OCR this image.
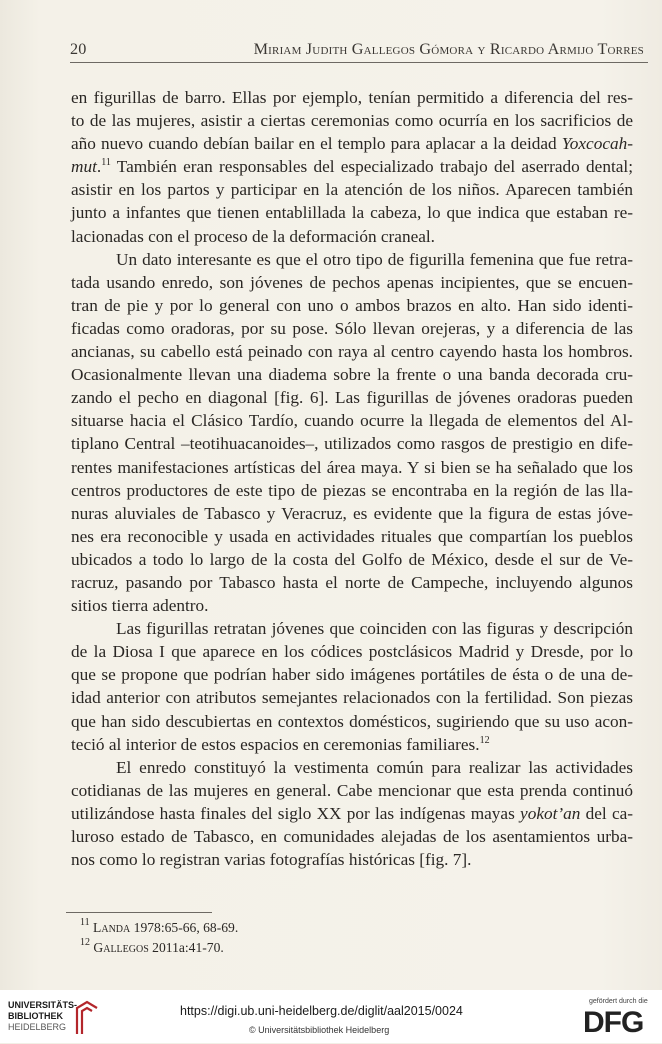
20	Miriam Judith Gallegos Gómora y Ricardo Armijo Torres

en figurillas de barro. Ellas por ejemplo, tenían permitido a diferencia del res-
to de las mujeres, asistir a ciertas ceremonias como ocurría en los sacrificios de
año nuevo cuando debían bailar en el templo para aplacar a la deidad Yoxcocah-
mut.$^{11}$ También eran responsables del especializado trabajo del aserrado dental;
asistir en los partos y participar en la atención de los niños. Aparecen también
junto a infantes que tienen entablillada la cabeza, lo que indica que estaban re-
lacionadas con el proceso de la deformación craneal.

Un dato interesante es que el otro tipo de figurilla femenina que fue retra-
tada usando enredo, son jóvenes de pechos apenas incipientes, que se encuen-
tran de pie y por lo general con uno o ambos brazos en alto. Han sido identi-
ficadas como oradoras, por su pose. Sólo llevan orejeras, y a diferencia de las
ancianas, su cabello está peinado con raya al centro cayendo hasta los hombros.
Ocasionalmente llevan una diadema sobre la frente o una banda decorada cru-
zando el pecho en diagonal [fig. 6]. Las figurillas de jóvenes oradoras pueden
situarse hacia el Clásico Tardío, cuando ocurre la llegada de elementos del Al-
tiplano Central –teotihuacanoides–, utilizados como rasgos de prestigio en dife-
rentes manifestaciones artísticas del área maya. Y si bien se ha señalado que los
centros productores de este tipo de piezas se encontraba en la región de las lla-
nuras aluviales de Tabasco y Veracruz, es evidente que la figura de estas jóve-
nes era reconocible y usada en actividades rituales que compartían los pueblos
ubicados a todo lo largo de la costa del Golfo de México, desde el sur de Ve-
racruz, pasando por Tabasco hasta el norte de Campeche, incluyendo algunos
sitios tierra adentro.

Las figurillas retratan jóvenes que coinciden con las figuras y descripción
de la Diosa I que aparece en los códices postclásicos Madrid y Dresde, por lo
que se propone que podrían haber sido imágenes portátiles de ésta o de una de-
idad anterior con atributos semejantes relacionados con la fertilidad. Son piezas
que han sido descubiertas en contextos domésticos, sugiriendo que su uso acon-
teció al interior de estos espacios en ceremonias familiares.$^{12}$

El enredo constituyó la vestimenta común para realizar las actividades
cotidianas de las mujeres en general. Cabe mencionar que esta prenda continuó
utilizándose hasta finales del siglo XX por las indígenas mayas yokot’an del ca-
luroso estado de Tabasco, en comunidades alejadas de los asentamientos urba-
nos como lo registran varias fotografías históricas [fig. 7].

$^{11}$ Landa 1978:65-66, 68-69.
$^{12}$ Gallegos 2011a:41-70.
UNIVERSITÄTS-
BIBLIOTHEK
HEIDELBERG
https://digi.ub.uni-heidelberg.de/diglit/aal2015/0024
© Universitätsbibliothek Heidelberg
gefördert durch die
DFG
